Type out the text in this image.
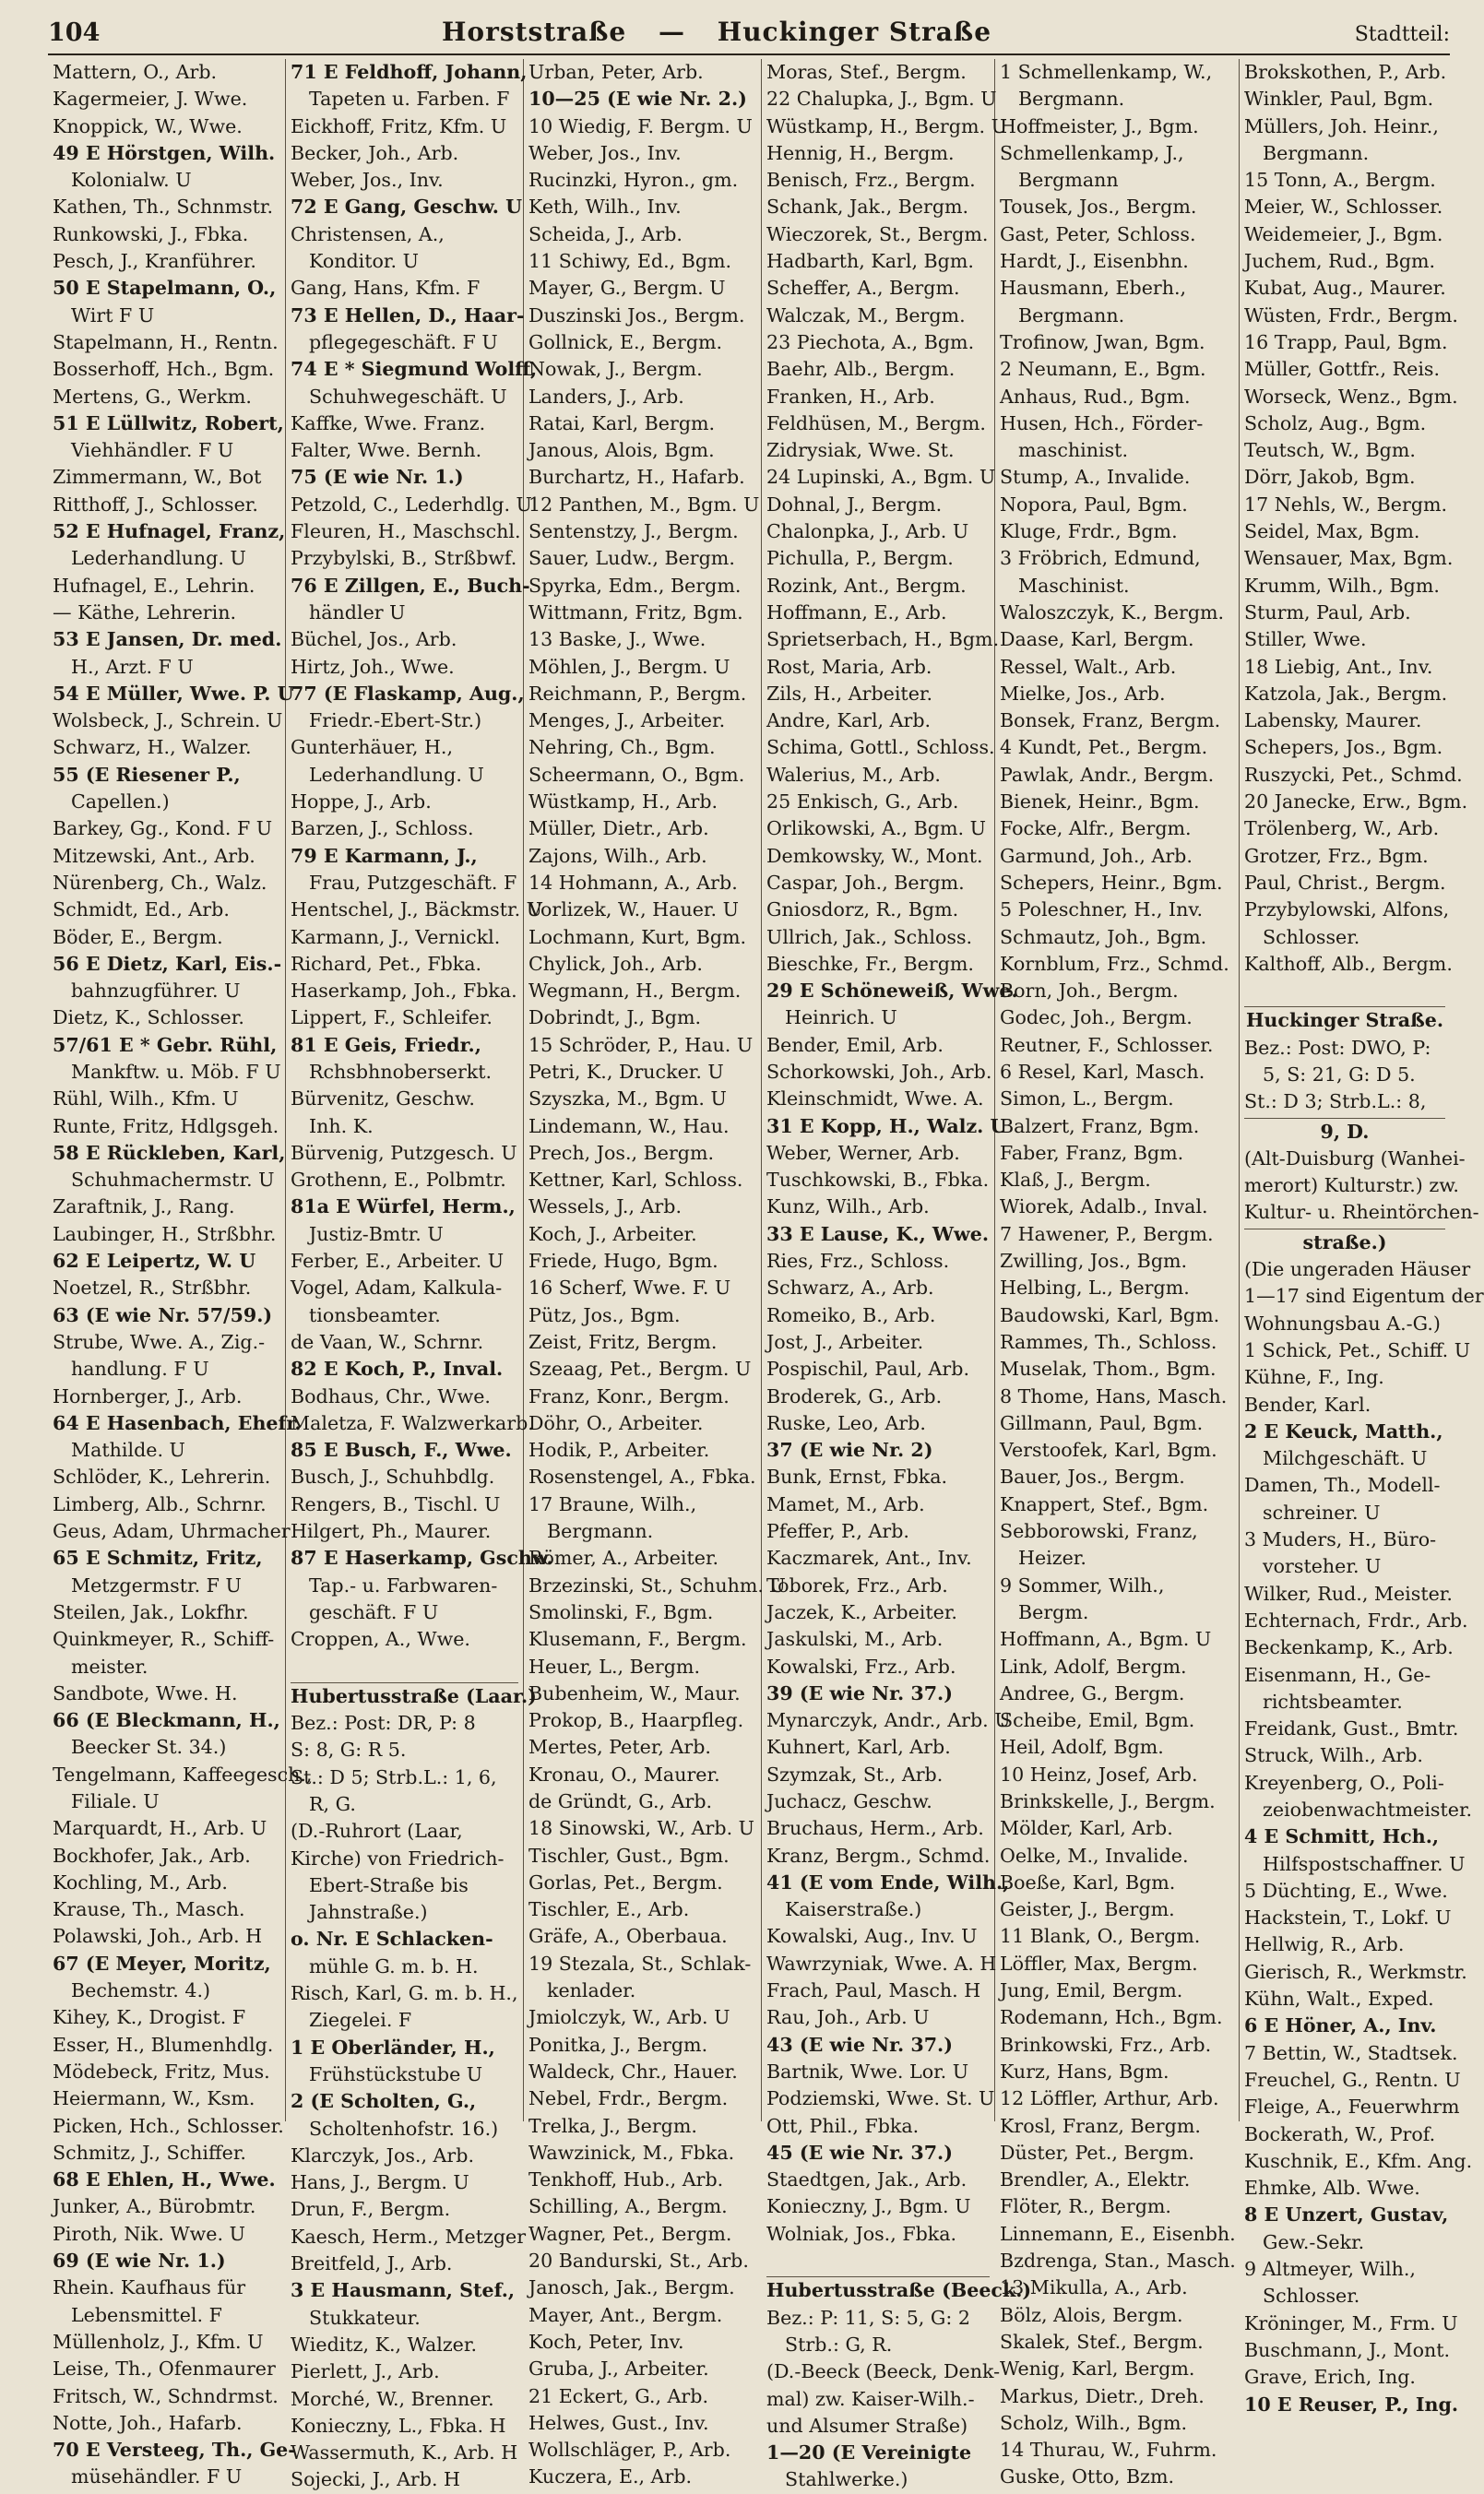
104	Horststraße — Huckinger Straße	Stadtteil:
Mattern, O., Arb.
Kagermeier, J. Wwe.
Knoppick, W., Wwe.
49 E Hörstgen, Wilh.
Kolonialw. U
Kathen, Th., Schnmstr.
Runkowski, J., Fbka.
Pesch, J., Kranführer.
50 E Stapelmann, O.,
Wirt F U
Stapelmann, H., Rentn.
Bosserhoff, Hch., Bgm.
Mertens, G., Werkm.
51 E Lüllwitz, Robert,
Viehhändler. F U
Zimmermann, W., Bot
Ritthoff, J., Schlosser.
52 E Hufnagel, Franz,
Lederhandlung. U
Hufnagel, E., Lehrin.
— Käthe, Lehrerin.
53 E Jansen, Dr. med.
H., Arzt. F U
54 E Müller, Wwe. P. U
Wolsbeck, J., Schrein. U
Schwarz, H., Walzer.
55 (E Riesener P.,
Capellen.)
Barkey, Gg., Kond. F U
Mitzewski, Ant., Arb.
Nürenberg, Ch., Walz.
Schmidt, Ed., Arb.
Böder, E., Bergm.
56 E Dietz, Karl, Eis.-
bahnzugführer. U
Dietz, K., Schlosser.
57/61 E * Gebr. Rühl,
Mankftw. u. Möb. F U
Rühl, Wilh., Kfm. U
Runte, Fritz, Hdlgsgeh.
58 E Rückleben, Karl,
Schuhmachermstr. U
Zaraftnik, J., Rang.
Laubinger, H., Strßbhr.
62 E Leipertz, W. U
Noetzel, R., Strßbhr.
63 (E wie Nr. 57/59.)
Strube, Wwe. A., Zig.-
handlung. F U
Hornberger, J., Arb.
64 E Hasenbach, Ehefr.
Mathilde. U
Schlöder, K., Lehrerin.
Limberg, Alb., Schrnr.
Geus, Adam, Uhrmacher
65 E Schmitz, Fritz,
Metzgermstr. F U
Steilen, Jak., Lokfhr.
Quinkmeyer, R., Schiff-
meister.
Sandbote, Wwe. H.
66 (E Bleckmann, H.,
Beecker St. 34.)
Tengelmann, Kaffeegesch.,
Filiale. U
Marquardt, H., Arb. U
Bockhofer, Jak., Arb.
Kochling, M., Arb.
Krause, Th., Masch.
Polawski, Joh., Arb. H
67 (E Meyer, Moritz,
Bechemstr. 4.)
Kihey, K., Drogist. F
Esser, H., Blumenhdlg.
Mödebeck, Fritz, Mus.
Heiermann, W., Ksm.
Picken, Hch., Schlosser.
Schmitz, J., Schiffer.
68 E Ehlen, H., Wwe.
Junker, A., Bürobmtr.
Piroth, Nik. Wwe. U
69 (E wie Nr. 1.)
Rhein. Kaufhaus für
Lebensmittel. F
Müllenholz, J., Kfm. U
Leise, Th., Ofenmaurer
Fritsch, W., Schndrmst.
Notte, Joh., Hafarb.
70 E Versteeg, Th., Ge-
müsehändler. F U
71 E Feldhoff, Johann,
Tapeten u. Farben. F
Eickhoff, Fritz, Kfm. U
Becker, Joh., Arb.
Weber, Jos., Inv.
72 E Gang, Geschw. U
Christensen, A.,
Konditor. U
Gang, Hans, Kfm. F
73 E Hellen, D., Haar-
pflegegeschäft. F U
74 E * Siegmund Wolff,
Schuhwegeschäft. U
Kaffke, Wwe. Franz.
Falter, Wwe. Bernh.
75 (E wie Nr. 1.)
Petzold, C., Lederhdlg. U
Fleuren, H., Maschschl.
Przybylski, B., Strßbwf.
76 E Zillgen, E., Buch-
händler U
Büchel, Jos., Arb.
Hirtz, Joh., Wwe.
77 (E Flaskamp, Aug.,
Friedr.-Ebert-Str.)
Gunterhäuer, H.,
Lederhandlung. U
Hoppe, J., Arb.
Barzen, J., Schloss.
79 E Karmann, J.,
Frau, Putzgeschäft. F
Hentschel, J., Bäckmstr. U
Karmann, J., Vernickl.
Richard, Pet., Fbka.
Haserkamp, Joh., Fbka.
Lippert, F., Schleifer.
81 E Geis, Friedr.,
Rchsbhnoberserkt.
Bürvenitz, Geschw.
Inh. K.
Bürvenig, Putzgesch. U
Grothenn, E., Polbmtr.
81a E Würfel, Herm.,
Justiz-Bmtr. U
Ferber, E., Arbeiter. U
Vogel, Adam, Kalkula-
tionsbeamter.
de Vaan, W., Schrnr.
82 E Koch, P., Inval.
Bodhaus, Chr., Wwe.
Maletza, F. Walzwerkarb.
85 E Busch, F., Wwe.
Busch, J., Schuhbdlg.
Rengers, B., Tischl. U
Hilgert, Ph., Maurer.
87 E Haserkamp, Gschw.
Tap.- u. Farbwaren-
geschäft. F U
Croppen, A., Wwe.
Hubertusstraße (Laar.)
Bez.: Post: DR, P: 8
S: 8, G: R 5.
St.: D 5; Strb.L.: 1, 6,
R, G.
(D.-Ruhrort (Laar,
Kirche) von Friedrich-
Ebert-Straße bis
Jahnstraße.)
o. Nr. E Schlacken-
mühle G. m. b. H.
Risch, Karl, G. m. b. H.,
Ziegelei. F
1 E Oberländer, H.,
Frühstückstube U
2 (E Scholten, G.,
Scholtenhofstr. 16.)
Klarczyk, Jos., Arb.
Hans, J., Bergm. U
Drun, F., Bergm.
Kaesch, Herm., Metzger
Breitfeld, J., Arb.
3 E Hausmann, Stef.,
Stukkateur.
Wieditz, K., Walzer.
Pierlett, J., Arb.
Morché, W., Brenner.
Konieczny, L., Fbka. H
Wassermuth, K., Arb. H
Sojecki, J., Arb. H
Urban, Peter, Arb.
10—25 (E wie Nr. 2.)
10 Wiedig, F. Bergm. U
Weber, Jos., Inv.
Rucinzki, Hyron., gm.
Keth, Wilh., Inv.
Scheida, J., Arb.
11 Schiwy, Ed., Bgm.
Mayer, G., Bergm. U
Duszinski Jos., Bergm.
Gollnick, E., Bergm.
Nowak, J., Bergm.
Landers, J., Arb.
Ratai, Karl, Bergm.
Janous, Alois, Bgm.
Burchartz, H., Hafarb.
12 Panthen, M., Bgm. U
Sentenstzy, J., Bergm.
Sauer, Ludw., Bergm.
Spyrka, Edm., Bergm.
Wittmann, Fritz, Bgm.
13 Baske, J., Wwe.
Möhlen, J., Bergm. U
Reichmann, P., Bergm.
Menges, J., Arbeiter.
Nehring, Ch., Bgm.
Scheermann, O., Bgm.
Wüstkamp, H., Arb.
Müller, Dietr., Arb.
Zajons, Wilh., Arb.
14 Hohmann, A., Arb.
Vorlizek, W., Hauer. U
Lochmann, Kurt, Bgm.
Chylick, Joh., Arb.
Wegmann, H., Bergm.
Dobrindt, J., Bgm.
15 Schröder, P., Hau. U
Petri, K., Drucker. U
Szyszka, M., Bgm. U
Lindemann, W., Hau.
Prech, Jos., Bergm.
Kettner, Karl, Schloss.
Wessels, J., Arb.
Koch, J., Arbeiter.
Friede, Hugo, Bgm.
16 Scherf, Wwe. F. U
Pütz, Jos., Bgm.
Zeist, Fritz, Bergm.
Szeaag, Pet., Bergm. U
Franz, Konr., Bergm.
Döhr, O., Arbeiter.
Hodik, P., Arbeiter.
Rosenstengel, A., Fbka.
17 Braune, Wilh.,
Bergmann.
Römer, A., Arbeiter.
Brzezinski, St., Schuhm. U
Smolinski, F., Bgm.
Klusemann, F., Bergm.
Heuer, L., Bergm.
Bubenheim, W., Maur.
Prokop, B., Haarpfleg.
Mertes, Peter, Arb.
Kronau, O., Maurer.
de Gründt, G., Arb.
18 Sinowski, W., Arb. U
Tischler, Gust., Bgm.
Gorlas, Pet., Bergm.
Tischler, E., Arb.
Gräfe, A., Oberbaua.
19 Stezala, St., Schlak-
kenlader.
Jmiolczyk, W., Arb. U
Ponitka, J., Bergm.
Waldeck, Chr., Hauer.
Nebel, Frdr., Bergm.
Trelka, J., Bergm.
Wawzinick, M., Fbka.
Tenkhoff, Hub., Arb.
Schilling, A., Bergm.
Wagner, Pet., Bergm.
20 Bandurski, St., Arb.
Janosch, Jak., Bergm.
Mayer, Ant., Bergm.
Koch, Peter, Inv.
Gruba, J., Arbeiter.
21 Eckert, G., Arb.
Helwes, Gust., Inv.
Wollschläger, P., Arb.
Kuczera, E., Arb.
Moras, Stef., Bergm.
22 Chalupka, J., Bgm. U
Wüstkamp, H., Bergm. U
Hennig, H., Bergm.
Benisch, Frz., Bergm.
Schank, Jak., Bergm.
Wieczorek, St., Bergm.
Hadbarth, Karl, Bgm.
Scheffer, A., Bergm.
Walczak, M., Bergm.
23 Piechota, A., Bgm.
Baehr, Alb., Bergm.
Franken, H., Arb.
Feldhüsen, M., Bergm.
Zidrysiak, Wwe. St.
24 Lupinski, A., Bgm. U
Dohnal, J., Bergm.
Chalonpka, J., Arb. U
Pichulla, P., Bergm.
Rozink, Ant., Bergm.
Hoffmann, E., Arb.
Sprietserbach, H., Bgm.
Rost, Maria, Arb.
Zils, H., Arbeiter.
Andre, Karl, Arb.
Schima, Gottl., Schloss.
Walerius, M., Arb.
25 Enkisch, G., Arb.
Orlikowski, A., Bgm. U
Demkowsky, W., Mont.
Caspar, Joh., Bergm.
Gniosdorz, R., Bgm.
Ullrich, Jak., Schloss.
Bieschke, Fr., Bergm.
29 E Schöneweiß, Wwe.
Heinrich. U
Bender, Emil, Arb.
Schorkowski, Joh., Arb.
Kleinschmidt, Wwe. A.
31 E Kopp, H., Walz. U
Weber, Werner, Arb.
Tuschkowski, B., Fbka.
Kunz, Wilh., Arb.
33 E Lause, K., Wwe.
Ries, Frz., Schloss.
Schwarz, A., Arb.
Romeiko, B., Arb.
Jost, J., Arbeiter.
Pospischil, Paul, Arb.
Broderek, G., Arb.
Ruske, Leo, Arb.
37 (E wie Nr. 2)
Bunk, Ernst, Fbka.
Mamet, M., Arb.
Pfeffer, P., Arb.
Kaczmarek, Ant., Inv.
Toborek, Frz., Arb.
Jaczek, K., Arbeiter.
Jaskulski, M., Arb.
Kowalski, Frz., Arb.
39 (E wie Nr. 37.)
Mynarczyk, Andr., Arb. U
Kuhnert, Karl, Arb.
Szymzak, St., Arb.
Juchacz, Geschw.
Bruchaus, Herm., Arb.
Kranz, Bergm., Schmd.
41 (E vom Ende, Wilh.,
Kaiserstraße.)
Kowalski, Aug., Inv. U
Wawrzyniak, Wwe. A. H
Frach, Paul, Masch. H
Rau, Joh., Arb. U
43 (E wie Nr. 37.)
Bartnik, Wwe. Lor. U
Podziemski, Wwe. St. U
Ott, Phil., Fbka.
45 (E wie Nr. 37.)
Staedtgen, Jak., Arb.
Konieczny, J., Bgm. U
Wolniak, Jos., Fbka.
Hubertusstraße (Beeck.)
Bez.: P: 11, S: 5, G: 2
Strb.: G, R.
(D.-Beeck (Beeck, Denk-
mal) zw. Kaiser-Wilh.-
und Alsumer Straße)
1—20 (E Vereinigte
Stahlwerke.)
1 Schmellenkamp, W.,
Bergmann.
Hoffmeister, J., Bgm.
Schmellenkamp, J.,
Bergmann
Tousek, Jos., Bergm.
Gast, Peter, Schloss.
Hardt, J., Eisenbhn.
Hausmann, Eberh.,
Bergmann.
Trofinow, Jwan, Bgm.
2 Neumann, E., Bgm.
Anhaus, Rud., Bgm.
Husen, Hch., Förder-
maschinist.
Stump, A., Invalide.
Nopora, Paul, Bgm.
Kluge, Frdr., Bgm.
3 Fröbrich, Edmund,
Maschinist.
Waloszczyk, K., Bergm.
Daase, Karl, Bergm.
Ressel, Walt., Arb.
Mielke, Jos., Arb.
Bonsek, Franz, Bergm.
4 Kundt, Pet., Bergm.
Pawlak, Andr., Bergm.
Bienek, Heinr., Bgm.
Focke, Alfr., Bergm.
Garmund, Joh., Arb.
Schepers, Heinr., Bgm.
5 Poleschner, H., Inv.
Schmautz, Joh., Bgm.
Kornblum, Frz., Schmd.
Born, Joh., Bergm.
Godec, Joh., Bergm.
Reutner, F., Schlosser.
6 Resel, Karl, Masch.
Simon, L., Bergm.
Balzert, Franz, Bgm.
Faber, Franz, Bgm.
Klaß, J., Bergm.
Wiorek, Adalb., Inval.
7 Hawener, P., Bergm.
Zwilling, Jos., Bgm.
Helbing, L., Bergm.
Baudowski, Karl, Bgm.
Rammes, Th., Schloss.
Muselak, Thom., Bgm.
8 Thome, Hans, Masch.
Gillmann, Paul, Bgm.
Verstoofek, Karl, Bgm.
Bauer, Jos., Bergm.
Knappert, Stef., Bgm.
Sebborowski, Franz,
Heizer.
9 Sommer, Wilh.,
Bergm.
Hoffmann, A., Bgm. U
Link, Adolf, Bergm.
Andree, G., Bergm.
Scheibe, Emil, Bgm.
Heil, Adolf, Bgm.
10 Heinz, Josef, Arb.
Brinkskelle, J., Bergm.
Mölder, Karl, Arb.
Oelke, M., Invalide.
Boeße, Karl, Bgm.
Geister, J., Bergm.
11 Blank, O., Bergm.
Löffler, Max, Bergm.
Jung, Emil, Bergm.
Rodemann, Hch., Bgm.
Brinkowski, Frz., Arb.
Kurz, Hans, Bgm.
12 Löffler, Arthur, Arb.
Krosl, Franz, Bergm.
Düster, Pet., Bergm.
Brendler, A., Elektr.
Flöter, R., Bergm.
Linnemann, E., Eisenbh.
Bzdrenga, Stan., Masch.
13 Mikulla, A., Arb.
Bölz, Alois, Bergm.
Skalek, Stef., Bergm.
Wenig, Karl, Bergm.
Markus, Dietr., Dreh.
Scholz, Wilh., Bgm.
14 Thurau, W., Fuhrm.
Guske, Otto, Bzm.
Brokskothen, P., Arb.
Winkler, Paul, Bgm.
Müllers, Joh. Heinr.,
Bergmann.
15 Tonn, A., Bergm.
Meier, W., Schlosser.
Weidemeier, J., Bgm.
Juchem, Rud., Bgm.
Kubat, Aug., Maurer.
Wüsten, Frdr., Bergm.
16 Trapp, Paul, Bgm.
Müller, Gottfr., Reis.
Worseck, Wenz., Bgm.
Scholz, Aug., Bgm.
Teutsch, W., Bgm.
Dörr, Jakob, Bgm.
17 Nehls, W., Bergm.
Seidel, Max, Bgm.
Wensauer, Max, Bgm.
Krumm, Wilh., Bgm.
Sturm, Paul, Arb.
Stiller, Wwe.
18 Liebig, Ant., Inv.
Katzola, Jak., Bergm.
Labensky, Maurer.
Schepers, Jos., Bgm.
Ruszycki, Pet., Schmd.
20 Janecke, Erw., Bgm.
Trölenberg, W., Arb.
Grotzer, Frz., Bgm.
Paul, Christ., Bergm.
Przybylowski, Alfons,
Schlosser.
Kalthoff, Alb., Bergm.
Huckinger Straße.
Bez.: Post: DWO, P:
5, S: 21, G: D 5.
St.: D 3; Strb.L.: 8,
9, D.
(Alt-Duisburg (Wanhei-
merort) Kulturstr.) zw.
Kultur- u. Rheintörchen-
straße.)
(Die ungeraden Häuser
1—17 sind Eigentum der
Wohnungsbau A.-G.)
1 Schick, Pet., Schiff. U
Kühne, F., Ing.
Bender, Karl.
2 E Keuck, Matth.,
Milchgeschäft. U
Damen, Th., Modell-
schreiner. U
3 Muders, H., Büro-
vorsteher. U
Wilker, Rud., Meister.
Echternach, Frdr., Arb.
Beckenkamp, K., Arb.
Eisenmann, H., Ge-
richtsbeamter.
Freidank, Gust., Bmtr.
Struck, Wilh., Arb.
Kreyenberg, O., Poli-
zeiobenwachtmeister.
4 E Schmitt, Hch.,
Hilfspostschaffner. U
5 Düchting, E., Wwe.
Hackstein, T., Lokf. U
Hellwig, R., Arb.
Gierisch, R., Werkmstr.
Kühn, Walt., Exped.
6 E Höner, A., Inv.
7 Bettin, W., Stadtsek.
Freuchel, G., Rentn. U
Fleige, A., Feuerwhrm
Bockerath, W., Prof.
Kuschnik, E., Kfm. Ang.
Ehmke, Alb. Wwe.
8 E Unzert, Gustav,
Gew.-Sekr.
9 Altmeyer, Wilh.,
Schlosser.
Kröninger, M., Frm. U
Buschmann, J., Mont.
Grave, Erich, Ing.
10 E Reuser, P., Ing.
